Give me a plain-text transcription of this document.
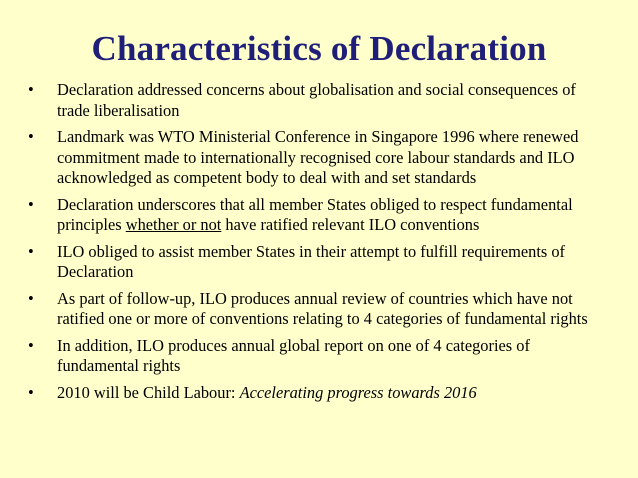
Characteristics of Declaration
•	Declaration addressed concerns about globalisation and social consequences of trade liberalisation
•	Landmark was WTO Ministerial Conference in Singapore 1996 where renewed commitment made to internationally recognised core labour standards and ILO acknowledged as competent body to deal with and set standards
•	Declaration underscores that all member States obliged to respect fundamental principles whether or not have ratified relevant ILO conventions
•	ILO obliged to assist member States in their attempt to fulfill requirements of Declaration
•	As part of follow-up, ILO produces annual review of countries which have not ratified one or more of conventions relating to 4 categories of fundamental rights
•	In addition, ILO produces annual global report on one of 4 categories of fundamental rights
•	2010 will be Child Labour: Accelerating progress towards 2016
